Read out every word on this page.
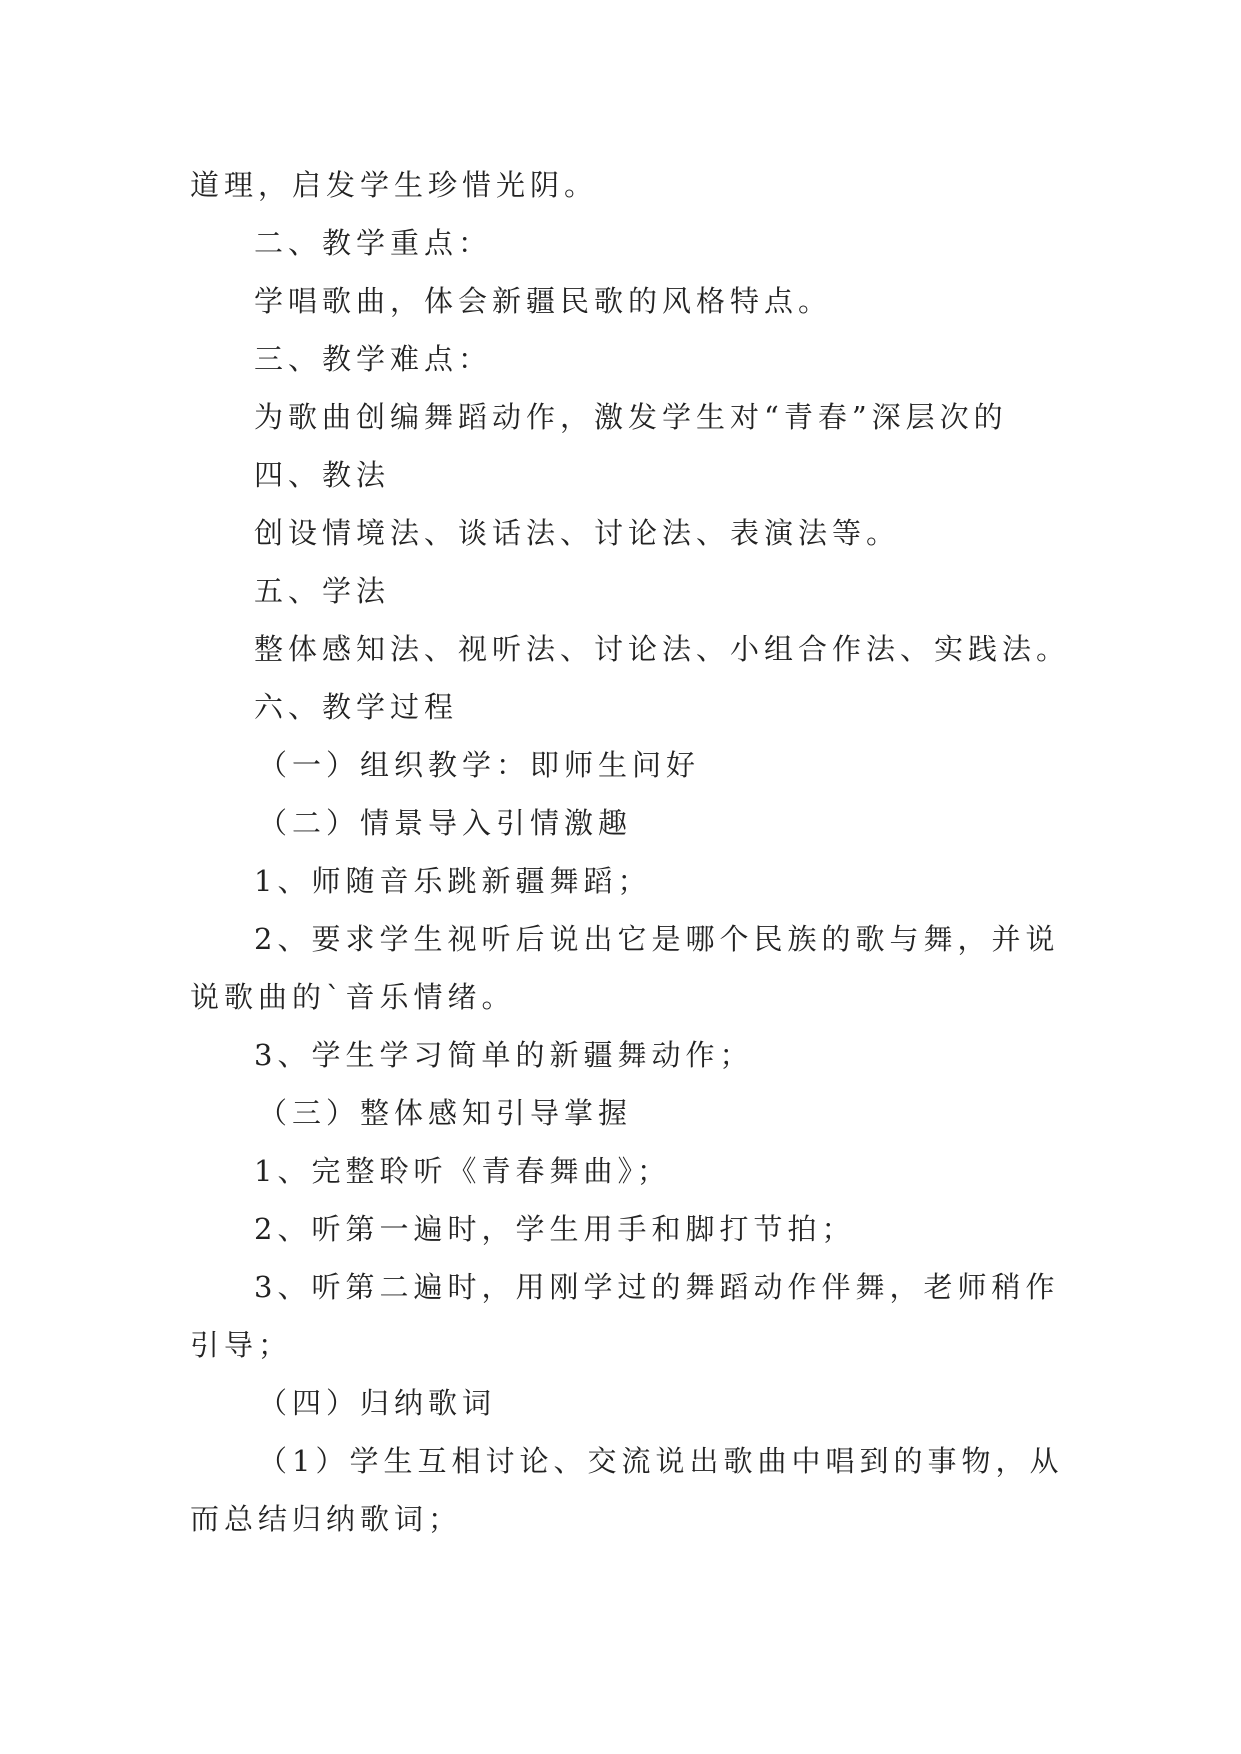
道理，启发学生珍惜光阴。
二、教学重点：
学唱歌曲，体会新疆民歌的风格特点。
三、教学难点：
为歌曲创编舞蹈动作，激发学生对“青春”深层次的
四、教法
创设情境法、谈话法、讨论法、表演法等。
五、学法
整体感知法、视听法、讨论法、小组合作法、实践法。
六、教学过程
（一）组织教学：即师生问好
（二）情景导入引情激趣
1、师随音乐跳新疆舞蹈；
2、要求学生视听后说出它是哪个民族的歌与舞，并说
说歌曲的`音乐情绪。
3、学生学习简单的新疆舞动作；
（三）整体感知引导掌握
1、完整聆听《青春舞曲》；
2、听第一遍时，学生用手和脚打节拍；
3、听第二遍时，用刚学过的舞蹈动作伴舞，老师稍作
引导；
（四）归纳歌词
（1）学生互相讨论、交流说出歌曲中唱到的事物，从
而总结归纳歌词；
